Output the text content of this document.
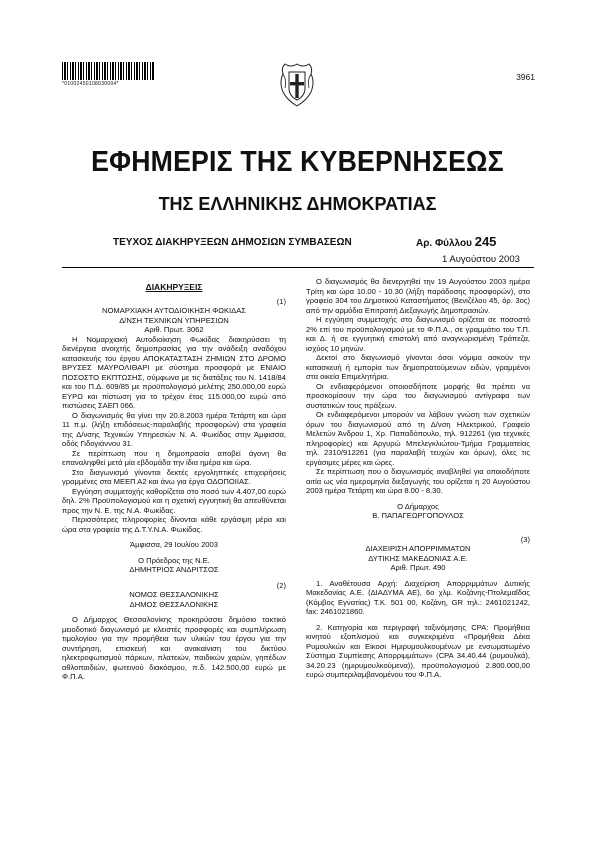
*01002450108030004*
3961
ΕΦΗΜΕΡΙΣ ΤΗΣ ΚΥΒΕΡΝΗΣΕΩΣ
ΤΗΣ ΕΛΛΗΝΙΚΗΣ ΔΗΜΟΚΡΑΤΙΑΣ
ΤΕΥΧΟΣ ΔΙΑΚΗΡΥΞΕΩΝ ΔΗΜΟΣΙΩΝ ΣΥΜΒΑΣΕΩΝ	Αρ. Φύλλου 245
1 Αυγούστου 2003
ΔΙΑΚΗΡΥΞΕΙΣ

(1)

ΝΟΜΑΡΧΙΑΚΗ ΑΥΤΟΔΙΟΙΚΗΣΗ ΦΩΚΙΔΑΣ

Δ/ΝΣΗ ΤΕΧΝΙΚΩΝ ΥΠΗΡΕΣΙΩΝ

Αριθ. Πρωτ. 3062

Η Νομαρχιακή Αυτοδιοίκηση Φωκίδας διακηρύσσει τη διενέργεια ανοιχτής δημοπρασίας για την ανάδειξη αναδόχου κατασκευής του έργου ΑΠΟΚΑΤΑΣΤΑΣΗ ΖΗΜΙΩΝ ΣΤΟ ΔΡΟΜΟ ΒΡΥΣΕΣ ΜΑΥΡΟΛΙΘΑΡΙ με σύστημα προσφορά με ΕΝΙΑΙΟ ΠΟΣΟΣΤΟ ΕΚΠΤΩΣΗΣ, σύμφωνα με τις διατάξεις του Ν. 1418/84 και του Π.Δ. 609/85 με προϋπολογισμό μελέτης 250.000,00 ευρώ ΕΥΡΩ και πίστωση για το τρέχον έτος 115.000,00 ευρώ από πιστώσεις ΣΑΕΠ 066.

Ο διαγωνισμός θα γίνει την 20.8.2003 ημέρα Τετάρτη και ώρα 11 π.μ. (λήξη επιδόσεως-παραλαβής προσφορών) στα γραφεία της Δ/νσης Τεχνικών Υπηρεσιών Ν. Α. Φωκίδας στην Άμφισσα, οδός Γιδογιάννου 31.

Σε περίπτωση που η δημοπρασία αποβεί άγονη θα επαναληφθεί μετά μία εβδομάδα την ίδια ημέρα και ώρα.

Στο διαγωνισμό γίνονται δεκτές εργοληπτικές επιχειρήσεις γραμμένες στα ΜΕΕΠ Α2 και άνω για έργα ΟΔΟΠΟΙΙΑΣ.

Εγγύηση συμμετοχής καθορίζεται στο ποσό των 4.407,00 ευρώ δηλ. 2% Προϋπολογισμού και η σχετική εγγυητική θα απευθύνεται προς την Ν. Ε. της Ν.Α. Φωκίδας.

Περισσότερες πληροφορίες δίνονται κάθε εργάσιμη μέρα και ώρα στα γραφεία της Δ.Τ.Υ.Ν.Α. Φωκίδας.

Άμφισσα, 29 Ιουλίου 2003

Ο Πρόεδρος της Ν.Ε.

ΔΗΜΗΤΡΙΟΣ ΑΝΔΡΙΤΣΟΣ

(2)

ΝΟΜΟΣ ΘΕΣΣΑΛΟΝΙΚΗΣ

ΔΗΜΟΣ ΘΕΣΣΑΛΟΝΙΚΗΣ

Ο Δήμαρχος Θεσσαλονίκης προκηρύσσει δημόσιο τακτικό μειοδοτικό διαγωνισμό με κλειστές προσφορές και συμπλήρωση τιμολογίου για την προμήθεια των υλικών του έργου για την συντήρηση, επισκευή και ανακαίνιση του δικτύου ηλεκτροφωτισμού πάρκων, πλατειών, παιδικών χαρών, γηπέδων αθλοπαιδιών, φωτεινού διακόσμου, π.δ. 142.500,00 ευρώ με Φ.Π.Α.

Ο διαγωνισμός θα διενεργηθεί την 19 Αυγούστου 2003 ημέρα Τρίτη και ώρα 10.00 - 10.30 (λήξη παράδοσης προσφορών), στο γραφείο 304 του Δημοτικού Καταστήματος (Βενιζέλου 45, όρ. 3ος) από την αρμόδια Επιτροπή Διεξαγωγής Δημοπρασιών.

Η εγγύηση συμμετοχής στο διαγωνισμό ορίζεται σε ποσοστό 2% επί του προϋπολογισμού με το Φ.Π.Α., σε γραμμάτιο του Τ.Π. και Δ. ή σε εγγυητική επιστολή από αναγνωρισμένη Τράπεζα, ισχύος 10 μηνών.

Δεκτοί στο διαγωνισμό γίνονται όσοι νόμιμα ασκούν την κατασκευή ή εμπορία των δημοπρατούμενων ειδών, γραμμένοι στα οικεία Επιμελητήρια.

Οι ενδιαφερόμενοι οποιοσδήποτε μορφής θα πρέπει να προσκομίσουν την ώρα του διαγωνισμού αντίγραφα των συστατικών τους πράξεων.

Οι ενδιαφερόμενοι μπορούν να λάβουν γνώση των σχετικών όρων του διαγωνισμού από τη Δ/νση Ηλεκτρικού, Γραφείο Μελετών Άνδρου 1, Χρ. Παπαδόπουλο, τηλ. 912261 (για τεχνικές πληροφορίες) και Αργυρώ Μπελεγκλιώτου-Τμήμα Γραμματείας τηλ. 2310/912261 (για παραλαβή τευχών και όρων), όλες τις εργάσιμες μέρες και ώρες.

Σε περίπτωση που ο διαγωνισμός αναβληθεί για οποιοδήποτε αιτία ως νέα ημερομηνία διεξαγωγής του ορίζεται η 20 Αυγούστου 2003 ημέρα Τετάρτη και ώρα 8.00 - 8.30.

Ο Δήμαρχος

Β. ΠΑΠΑΓΕΩΡΓΟΠΟΥΛΟΣ

(3)

ΔΙΑΧΕΙΡΙΣΗ ΑΠΟΡΡΙΜΜΑΤΩΝ

ΔΥΤΙΚΗΣ ΜΑΚΕΔΟΝΙΑΣ Α.Ε.

Αριθ. Πρωτ. 490

1. Αναθέτουσα Αρχή: Διαχείριση Απορριμμάτων Δυτικής Μακεδονίας Α.Ε. (ΔΙΑΔΥΜΑ ΑΕ), 6ο χλμ. Κοζάνης-Πτολεμαΐδας (Κόμβος Εγνατίας) Τ.Κ. 501 00, Κοζάνη, GR τηλ.: 2461021242, fax: 2461021860.

2. Κατηγορία και περιγραφή ταξινόμησης CPA: Προμήθεια κινητού εξοπλισμού και συγκεκριμένα «Προμήθεια Δέκα Ρυμουλκών και Είκοσι Ημιρυμουλκουμένων με ενσωματωμένο Σύστημα Συμπίεσης Απορριμμάτων» (CPA 34.40.44 (ρυμουλκά), 34.20.23 (ημιρυμουλκούμενα)), προϋπολογισμού 2.800.000,00 ευρώ συμπεριλαμβανομένου του Φ.Π.Α.
